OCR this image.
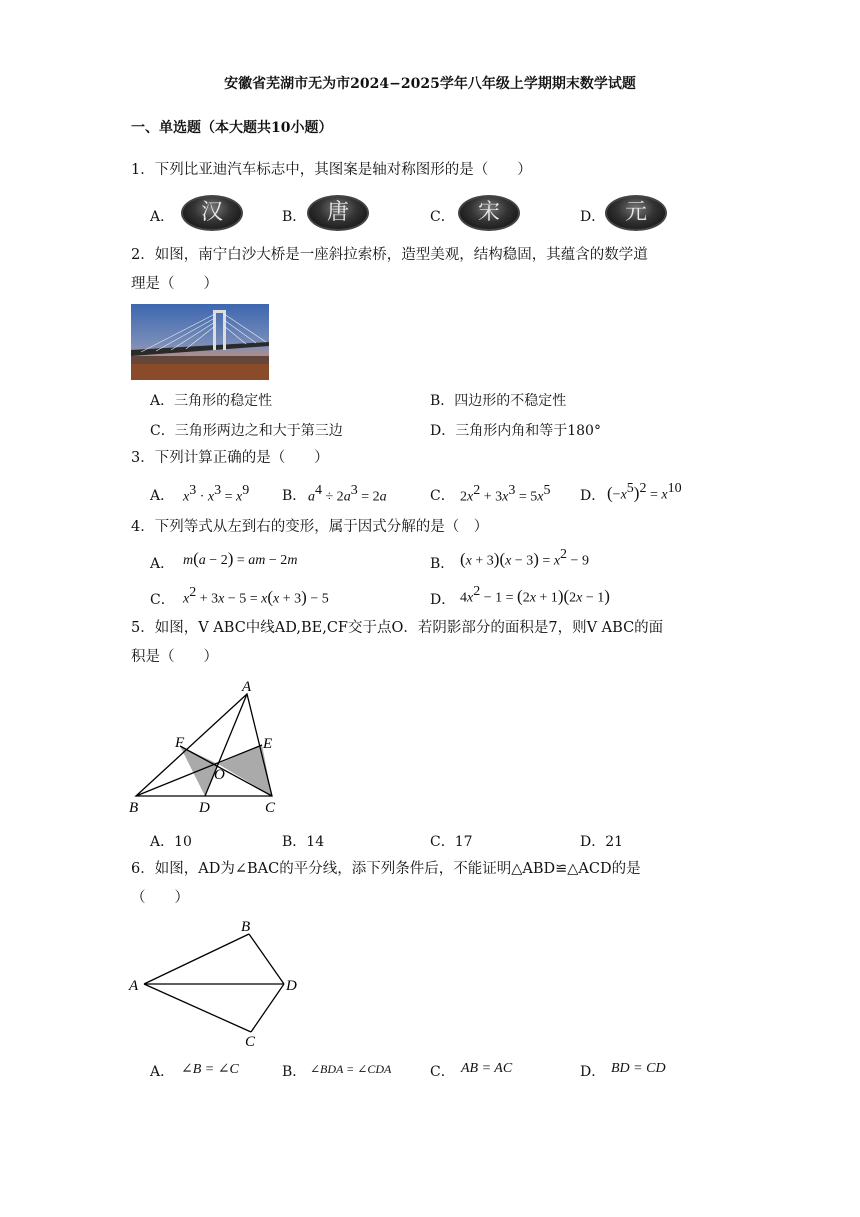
安徽省芜湖市无为市2024−2025学年八年级上学期期末数学试题
一、单选题（本大题共10小题）
1．下列比亚迪汽车标志中，其图案是轴对称图形的是（　　）
A．	汉	B． 唐	C．	宋	D． 元
2．如图，南宁白沙大桥是一座斜拉索桥，造型美观，结构稳固，其蕴含的数学道
理是（　　）
A．三角形的稳定性	B．四边形的不稳定性
C．三角形两边之和大于第三边	D．三角形内角和等于180°
3．下列计算正确的是（　　）
A． $x^3 \cdot x^3 = x^9$ B． $a^4 \div 2a^3 = 2a$	C． $2x^2 + 3x^3 = 5x^5$ D． $(-x^5)^2 = x^{10}$
4．下列等式从左到右的变形，属于因式分解的是（　）
A． m(a − 2) = am − 2m	B． $(x + 3)(x - 3) = x^2 - 9$
C． $x^2 + 3x - 5 = x(x + 3) - 5$	D． $4x^2 - 1 = (2x + 1)(2x - 1)$
5．如图，V ABC中线AD,BE,CF交于点O．若阴影部分的面积是7，则V ABC的面
积是（　　）
A
B	C
D
E
F
O
A．10	B．14	C．17	D．21
6．如图，AD为∠BAC的平分线，添下列条件后，不能证明△ABD≌△ACD的是
（　　）
B
A	D
C
A． ∠B = ∠C	B． ∠BDA = ∠CDA	C． AB = AC	D． BD = CD
